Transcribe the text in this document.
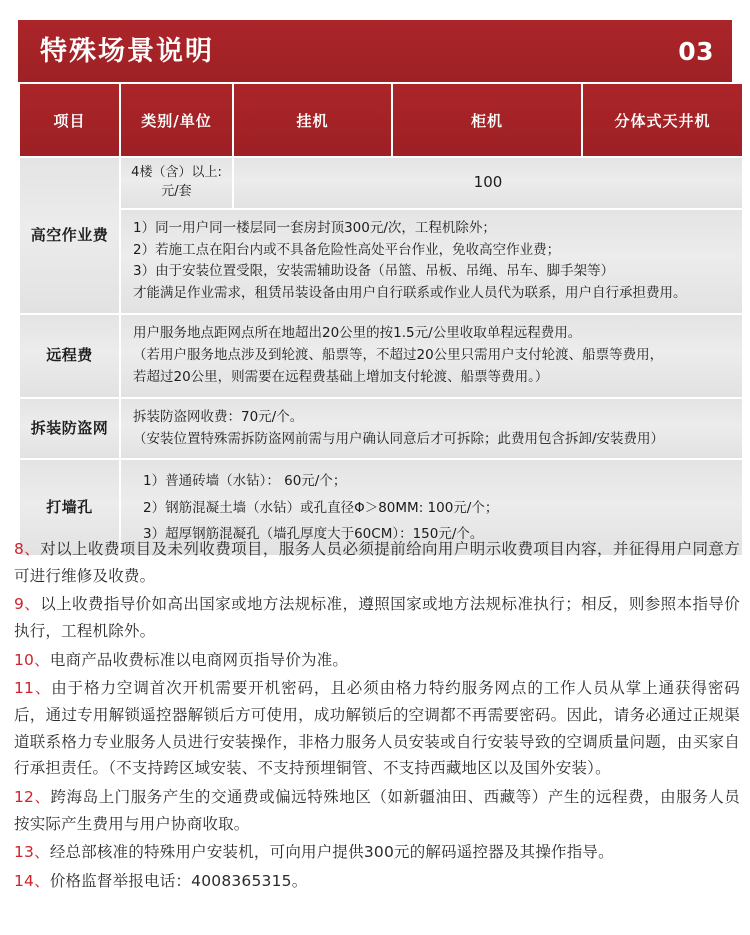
特殊场景说明	03
项目	类别/单位	挂机	柜机	分体式天井机
高空作业费	4楼（含）以上: 元/套	100		

	1）同一用户同一楼层同一套房封顶300元/次，工程机除外；
2）若施工点在阳台内或不具备危险性高处平台作业，免收高空作业费；
3）由于安装位置受限，安装需辅助设备（吊篮、吊板、吊绳、吊车、脚手架等）
才能满足作业需求，租赁吊装设备由用户自行联系或作业人员代为联系，用户自行承担费用。			

远程费	用户服务地点距网点所在地超出20公里的按1.5元/公里收取单程远程费用。
（若用户服务地点涉及到轮渡、船票等，不超过20公里只需用户支付轮渡、船票等费用，
若超过20公里，则需要在远程费基础上增加支付轮渡、船票等费用。）			

拆装防盗网	拆装防盗网收费：70元/个。
（安装位置特殊需拆防盗网前需与用户确认同意后才可拆除；此费用包含拆卸/安装费用）			

打墙孔	1）普通砖墙（水钻）： 60元/个；
2）钢筋混凝土墙（水钻）或孔直径Φ＞80MM: 100元/个；
3）超厚钢筋混凝孔（墙孔厚度大于60CM）：150元/个。			

8、对以上收费项目及未列收费项目，服务人员必须提前给向用户明示收费项目内容，并征得用户同意方可进行维修及收费。

9、以上收费指导价如高出国家或地方法规标准，遵照国家或地方法规标准执行；相反，则参照本指导价执行，工程机除外。

10、电商产品收费标准以电商网页指导价为准。

11、由于格力空调首次开机需要开机密码，且必须由格力特约服务网点的工作人员从掌上通获得密码后，通过专用解锁遥控器解锁后方可使用，成功解锁后的空调都不再需要密码。因此，请务必通过正规渠道联系格力专业服务人员进行安装操作，非格力服务人员安装或自行安装导致的空调质量问题，由买家自行承担责任。（不支持跨区域安装、不支持预埋铜管、不支持西藏地区以及国外安装）。

12、跨海岛上门服务产生的交通费或偏远特殊地区（如新疆油田、西藏等）产生的远程费，由服务人员按实际产生费用与用户协商收取。

13、经总部核准的特殊用户安装机，可向用户提供300元的解码遥控器及其操作指导。

14、价格监督举报电话：4008365315。
